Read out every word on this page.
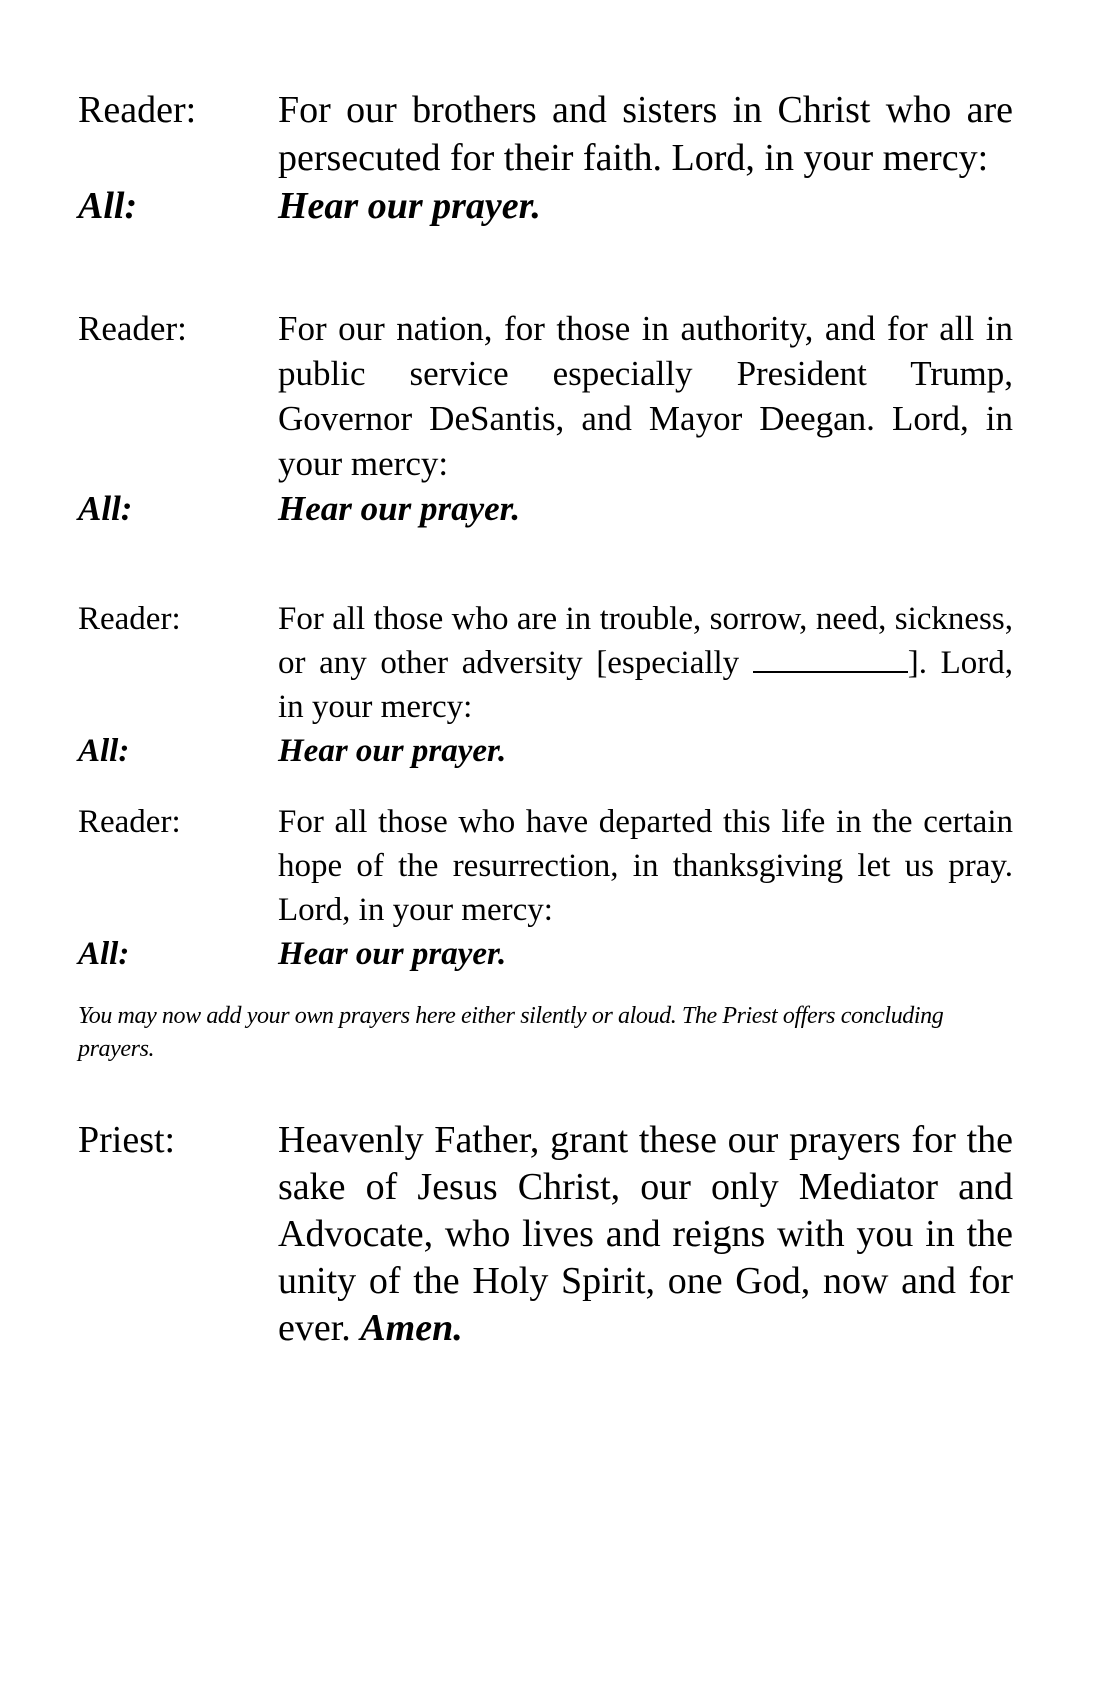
Reader:	For our brothers and sisters in Christ who are persecuted for their faith. Lord, in your mercy:
All:	Hear our prayer.
Reader:	For our nation, for those in authority, and for all in public service especially President Trump, Governor DeSantis, and Mayor Deegan. Lord, in your mercy:
All:	Hear our prayer.
Reader:	For all those who are in trouble, sorrow, need, sickness, or any other adversity [especially	]. Lord, in your mercy:
All:	Hear our prayer.
Reader:	For all those who have departed this life in the certain hope of the resurrection, in thanksgiving let us pray. Lord, in your mercy:
All:	Hear our prayer.
You may now add your own prayers here either silently or aloud. The Priest offers concluding prayers.
Priest:	Heavenly Father, grant these our prayers for the sake of Jesus Christ, our only Mediator and Advocate, who lives and reigns with you in the unity of the Holy Spirit, one God, now and for ever. Amen.
